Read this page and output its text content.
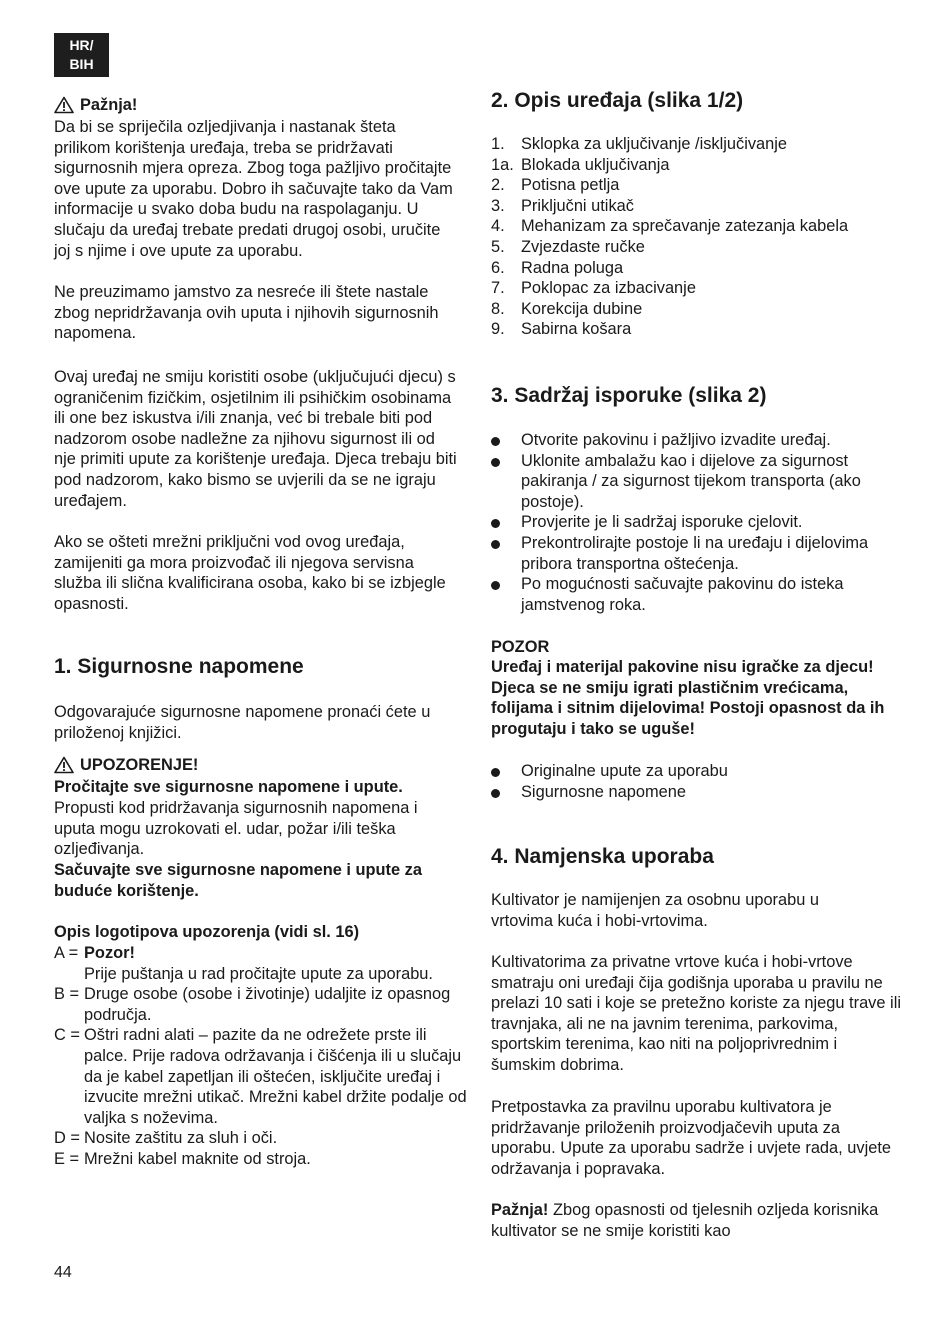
HR/
BIH
Pažnja!

Da bi se spriječila ozljedjivanja i nastanak šteta prilikom korištenja uređaja, treba se pridržavati sigurnosnih mjera opreza. Zbog toga pažljivo pročitajte ove upute za uporabu. Dobro ih sačuvajte tako da Vam informacije u svako doba budu na raspolaganju. U slučaju da uređaj trebate predati drugoj osobi, uručite joj s njime i ove upute za uporabu.

Ne preuzimamo jamstvo za nesreće ili štete nastale zbog nepridržavanja ovih uputa i njihovih sigurnosnih napomena.

Ovaj uređaj ne smiju koristiti osobe (uključujući djecu) s ograničenim fizičkim, osjetilnim ili psihičkim osobinama ili one bez iskustva i/ili znanja, već bi trebale biti pod nadzorom osobe nadležne za njihovu sigurnost ili od nje primiti upute za korištenje uređaja. Djeca trebaju biti pod nadzorom, kako bismo se uvjerili da se ne igraju uređajem.

Ako se ošteti mrežni priključni vod ovog uređaja, zamijeniti ga mora proizvođač ili njegova servisna služba ili slična kvalificirana osoba, kako bi se izbjegle opasnosti.

1. Sigurnosne napomene

Odgovarajuće sigurnosne napomene pronaći ćete u priloženoj knjižici.

UPOZORENJE!

Pročitajte sve sigurnosne napomene i upute.

Propusti kod pridržavanja sigurnosnih napomena i uputa mogu uzrokovati el. udar, požar i/ili teška ozljeđivanja.

Sačuvajte sve sigurnosne napomene i upute za buduće korištenje.

Opis logotipova upozorenja (vidi sl. 16)

A = Pozor!
Prije puštanja u rad pročitajte upute za uporabu.
B = Druge osobe (osobe i životinje) udaljite iz opasnog područja.
C = Oštri radni alati – pazite da ne odrežete prste ili palce. Prije radova održavanja i čišćenja ili u slučaju da je kabel zapetljan ili oštećen, isključite uređaj i izvucite mrežni utikač. Mrežni kabel držite podalje od valjka s noževima.
D = Nosite zaštitu za sluh i oči.
E = Mrežni kabel maknite od stroja.
2. Opis uređaja (slika 1/2)
1. Sklopka za uključivanje /isključivanje
1a. Blokada uključivanja
2. Potisna petlja
3. Priključni utikač
4. Mehanizam za sprečavanje zatezanja kabela
5. Zvjezdaste ručke
6. Radna poluga
7. Poklopac za izbacivanje
8. Korekcija dubine
9. Sabirna košara
3. Sadržaj isporuke (slika 2)
Otvorite pakovinu i pažljivo izvadite uređaj.
Uklonite ambalažu kao i dijelove za sigurnost pakiranja / za sigurnost tijekom transporta (ako postoje).
Provjerite je li sadržaj isporuke cjelovit.
Prekontrolirajte postoje li na uređaju i dijelovima pribora transportna oštećenja.
Po mogućnosti sačuvajte pakovinu do isteka jamstvenog roka.

POZOR

Uređaj i materijal pakovine nisu igračke za djecu! Djeca se ne smiju igrati plastičnim vrećicama, folijama i sitnim dijelovima! Postoji opasnost da ih progutaju i tako se uguše!

Originalne upute za uporabu
Sigurnosne napomene
4. Namjenska uporaba

Kultivator je namijenjen za osobnu uporabu u vrtovima kuća i hobi-vrtovima.

Kultivatorima za privatne vrtove kuća i hobi-vrtove smatraju oni uređaji čija godišnja uporaba u pravilu ne prelazi 10 sati i koje se pretežno koriste za njegu trave ili travnjaka, ali ne na javnim terenima, parkovima, sportskim terenima, kao niti na poljoprivrednim i šumskim dobrima.

Pretpostavka za pravilnu uporabu kultivatora je pridržavanje priloženih proizvodjačevih uputa za uporabu. Upute za uporabu sadrže i uvjete rada, uvjete održavanja i popravaka.

Pažnja! Zbog opasnosti od tjelesnih ozljeda korisnika kultivator se ne smije koristiti kao

44
